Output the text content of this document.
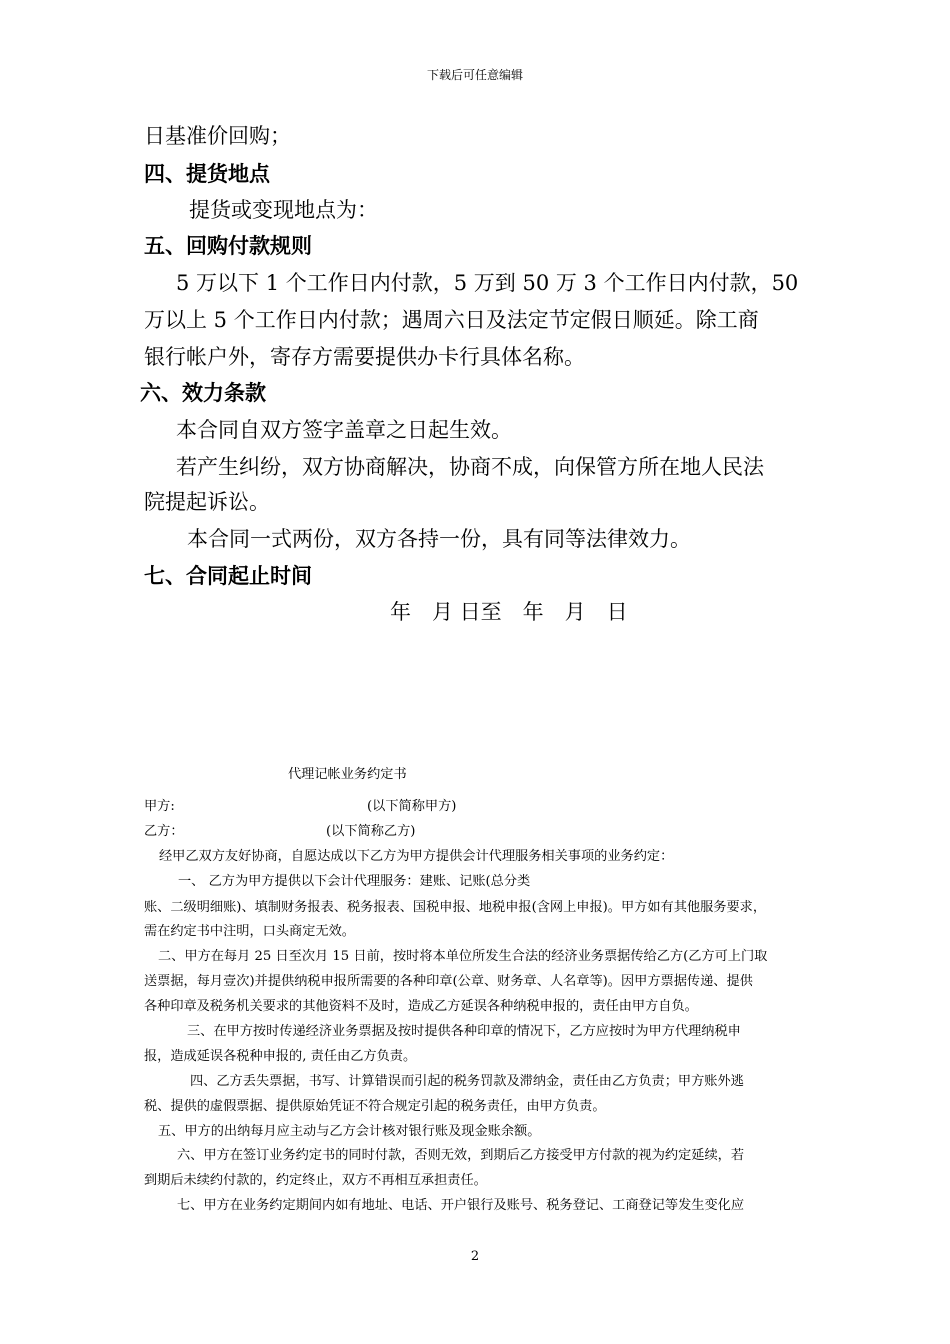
下载后可任意编辑
日基准价回购；
四、提货地点
提货或变现地点为：
五、回购付款规则
5 万以下 1 个工作日内付款，5 万到 50 万 3 个工作日内付款，50
万以上 5 个工作日内付款；遇周六日及法定节定假日顺延。除工商
银行帐户外，寄存方需要提供办卡行具体名称。
六、效力条款
本合同自双方签字盖章之日起生效。
若产生纠纷，双方协商解决，协商不成，向保管方所在地人民法
院提起诉讼。
本合同一式两份，双方各持一份，具有同等法律效力。
七、合同起止时间
年　月 日至　年　月　日
代理记帐业务约定书
甲方:	(以下简称甲方)
乙方：	(以下简称乙方)
经甲乙双方友好协商，自愿达成以下乙方为甲方提供会计代理服务相关事项的业务约定：
一、 乙方为甲方提供以下会计代理服务：建账、记账(总分类
账、二级明细账)、填制财务报表、税务报表、国税申报、地税申报(含网上申报)。甲方如有其他服务要求，
需在约定书中注明，口头商定无效。
二、甲方在每月 25 日至次月 15 日前，按时将本单位所发生合法的经济业务票据传给乙方(乙方可上门取
送票据，每月壹次)并提供纳税申报所需要的各种印章(公章、财务章、人名章等)。因甲方票据传递、提供
各种印章及税务机关要求的其他资料不及时，造成乙方延误各种纳税申报的，责任由甲方自负。
三、在甲方按时传递经济业务票据及按时提供各种印章的情况下，乙方应按时为甲方代理纳税申
报，造成延误各税种申报的, 责任由乙方负责。
四、乙方丢失票据，书写、计算错误而引起的税务罚款及滞纳金，责任由乙方负责；甲方账外逃
税、提供的虚假票据、提供原始凭证不符合规定引起的税务责任，由甲方负责。
五、甲方的出纳每月应主动与乙方会计核对银行账及现金账余额。
六、甲方在签订业务约定书的同时付款，否则无效，到期后乙方接受甲方付款的视为约定延续，若
到期后未续约付款的，约定终止，双方不再相互承担责任。
七、甲方在业务约定期间内如有地址、电话、开户银行及账号、税务登记、工商登记等发生变化应
2
